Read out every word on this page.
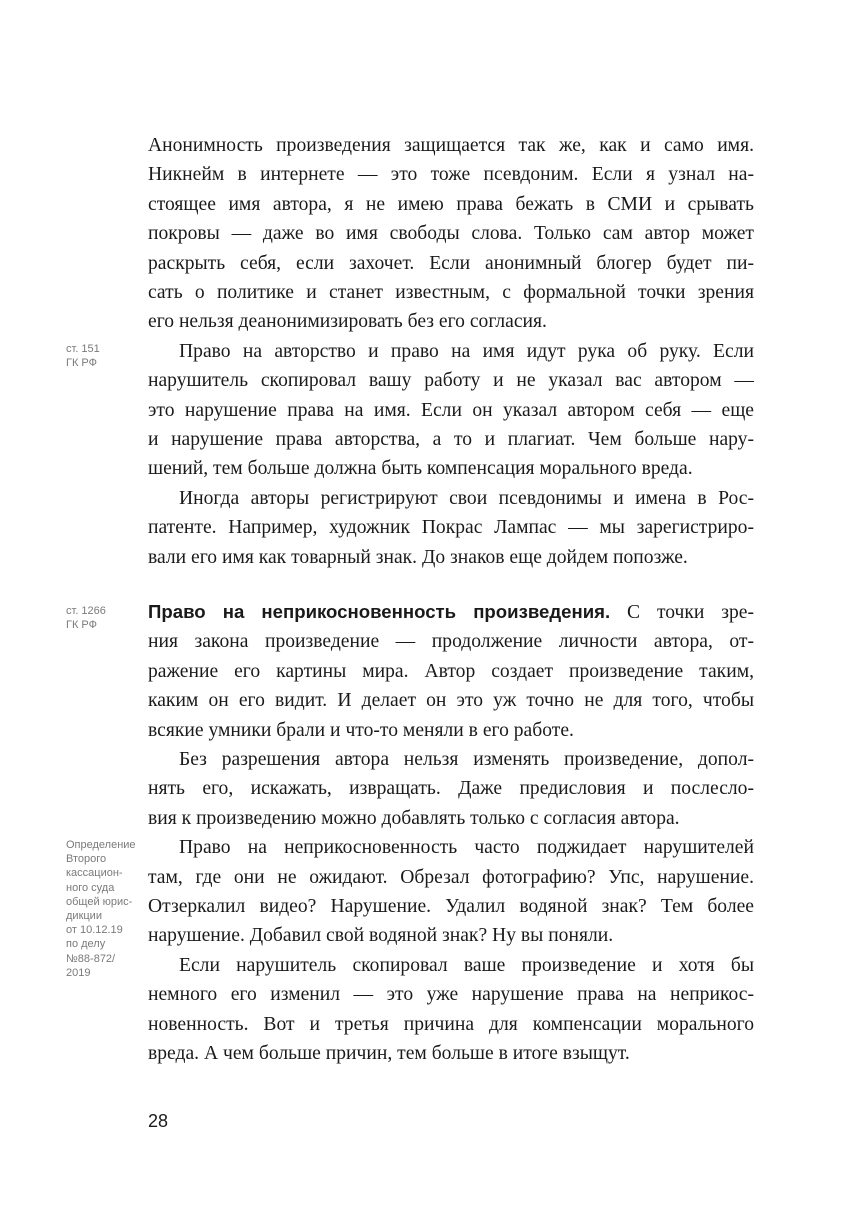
ст. 151
ГК РФ
ст. 1266
ГК РФ
Определение
Второго
кассацион-
ного суда
общей юрис-
дикции
от 10.12.19
по делу
№88-872/
2019
Анонимность произведения защищается так же, как и само имя.
Никнейм в интернете — это тоже псевдоним. Если я узнал на-
стоящее имя автора, я не имею права бежать в СМИ и срывать
покровы — даже во имя свободы слова. Только сам автор может
раскрыть себя, если захочет. Если анонимный блогер будет пи-
сать о политике и станет известным, с формальной точки зрения
его нельзя деанонимизировать без его согласия.
Право на авторство и право на имя идут рука об руку. Если
нарушитель скопировал вашу работу и не указал вас автором —
это нарушение права на имя. Если он указал автором себя — еще
и нарушение права авторства, а то и плагиат. Чем больше нару-
шений, тем больше должна быть компенсация морального вреда.
Иногда авторы регистрируют свои псевдонимы и имена в Рос-
патенте. Например, художник Покрас Лампас — мы зарегистриро-
вали его имя как товарный знак. До знаков еще дойдем попозже.
Право на неприкосновенность произведения. С точки зре-
ния закона произведение — продолжение личности автора, от-
ражение его картины мира. Автор создает произведение таким,
каким он его видит. И делает он это уж точно не для того, чтобы
всякие умники брали и что-то меняли в его работе.
Без разрешения автора нельзя изменять произведение, допол-
нять его, искажать, извращать. Даже предисловия и послесло-
вия к произведению можно добавлять только с согласия автора.
Право на неприкосновенность часто поджидает нарушителей
там, где они не ожидают. Обрезал фотографию? Упс, нарушение.
Отзеркалил видео? Нарушение. Удалил водяной знак? Тем более
нарушение. Добавил свой водяной знак? Ну вы поняли.
Если нарушитель скопировал ваше произведение и хотя бы
немного его изменил — это уже нарушение права на неприкос-
новенность. Вот и третья причина для компенсации морального
вреда. А чем больше причин, тем больше в итоге взыщут.
28
